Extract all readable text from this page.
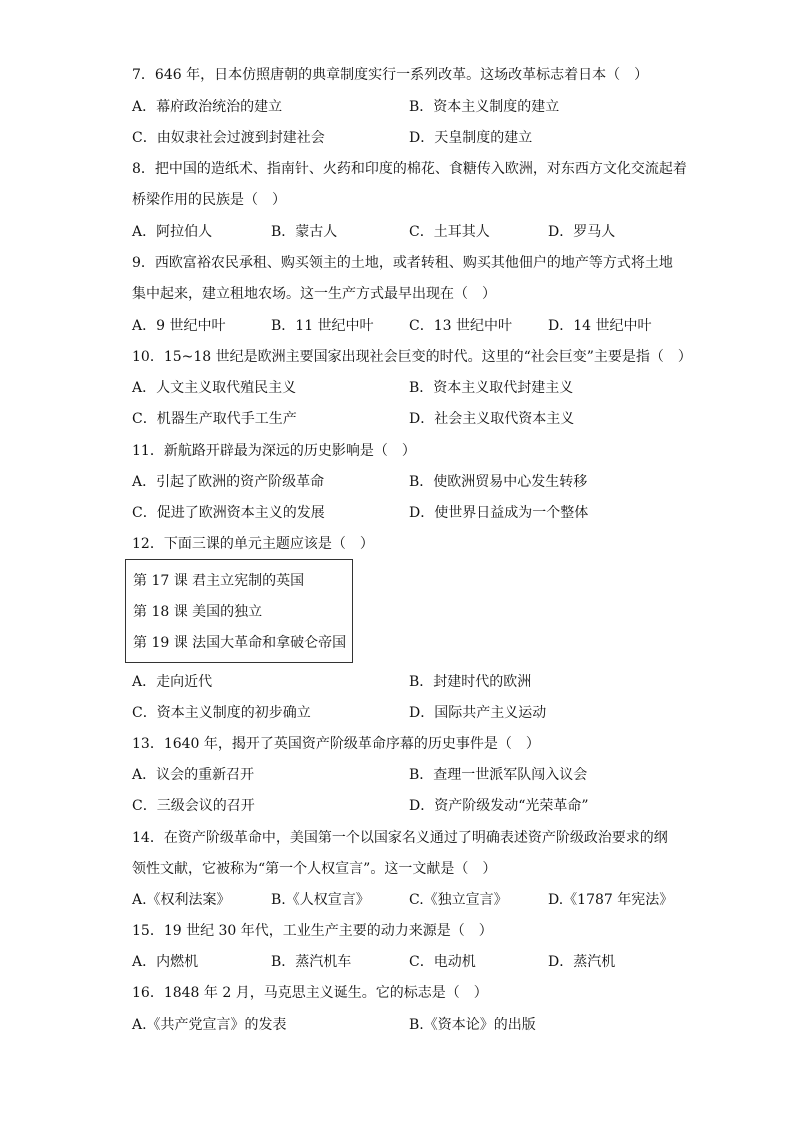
7．646 年，日本仿照唐朝的典章制度实行一系列改革。这场改革标志着日本（　）
A．幕府政治统治的建立	B．资本主义制度的建立
C．由奴隶社会过渡到封建社会	D．天皇制度的建立
8．把中国的造纸术、指南针、火药和印度的棉花、食糖传入欧洲，对东西方文化交流起着
桥梁作用的民族是（　）
A．阿拉伯人	B．蒙古人	C．土耳其人	D．罗马人
9．西欧富裕农民承租、购买领主的土地，或者转租、购买其他佃户的地产等方式将土地
集中起来，建立租地农场。这一生产方式最早出现在（　）
A．9 世纪中叶	B．11 世纪中叶	C．13 世纪中叶	D．14 世纪中叶
10．15~18 世纪是欧洲主要国家出现社会巨变的时代。这里的“社会巨变”主要是指（　）
A．人文主义取代殖民主义	B．资本主义取代封建主义
C．机器生产取代手工生产	D．社会主义取代资本主义
11．新航路开辟最为深远的历史影响是（　）
A．引起了欧洲的资产阶级革命	B．使欧洲贸易中心发生转移
C．促进了欧洲资本主义的发展	D．使世界日益成为一个整体
12．下面三课的单元主题应该是（　）
第 17 课 君主立宪制的英国
第 18 课 美国的独立
第 19 课 法国大革命和拿破仑帝国
A．走向近代	B．封建时代的欧洲
C．资本主义制度的初步确立	D．国际共产主义运动
13．1640 年，揭开了英国资产阶级革命序幕的历史事件是（　）
A．议会的重新召开	B．查理一世派军队闯入议会
C．三级会议的召开	D．资产阶级发动“光荣革命”
14．在资产阶级革命中，美国第一个以国家名义通过了明确表述资产阶级政治要求的纲
领性文献，它被称为“第一个人权宣言”。这一文献是（　）
A.《权利法案》	B.《人权宣言》	C.《独立宣言》	D.《1787 年宪法》
15．19 世纪 30 年代，工业生产主要的动力来源是（　）
A．内燃机	B．蒸汽机车	C．电动机	D．蒸汽机
16．1848 年 2 月，马克思主义诞生。它的标志是（　）
A.《共产党宣言》的发表	B.《资本论》的出版
